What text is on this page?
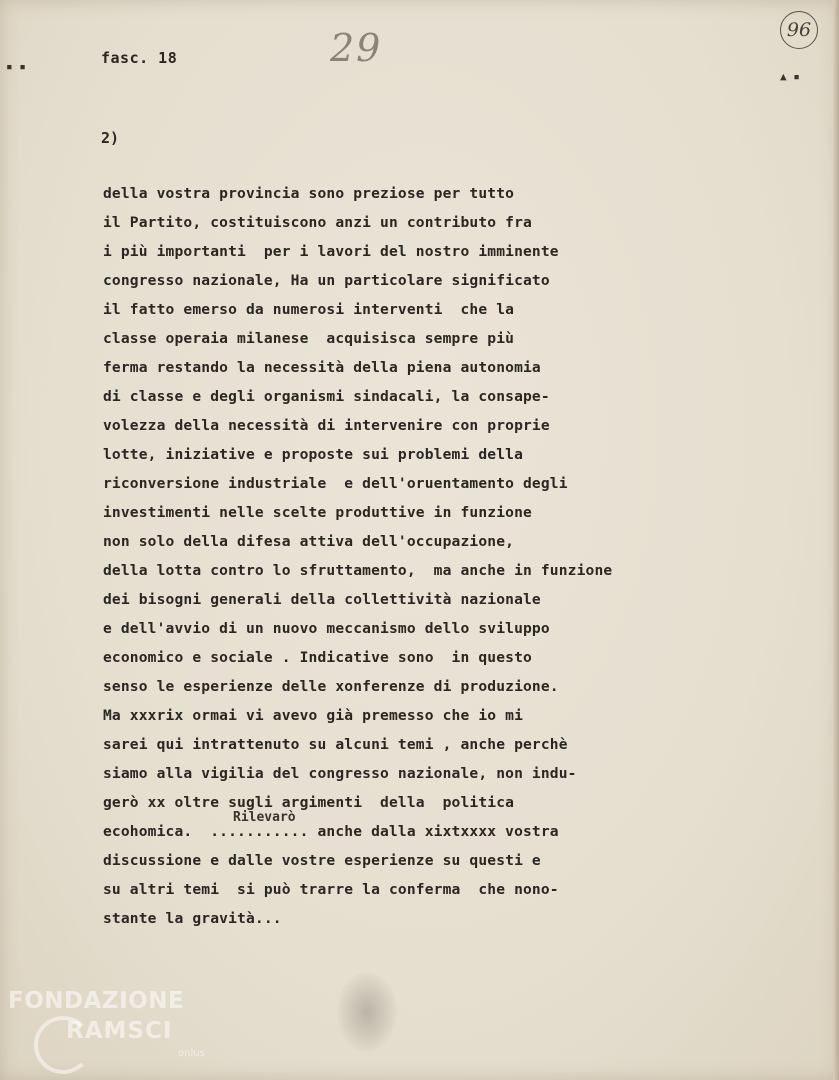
▪ ▪
▲ ▪
fasc. 18	29	96
2)
della vostra provincia sono preziose per tutto
il Partito, costituiscono anzi un contributo fra
i più importanti  per i lavori del nostro imminente
congresso nazionale, Ha un particolare significato
il fatto emerso da numerosi interventi  che la
classe operaia milanese  acquisisca sempre più
ferma restando la necessità della piena autonomia
di classe e degli organismi sindacali, la consape-
volezza della necessità di intervenire con proprie
lotte, iniziative e proposte sui problemi della
riconversione industriale  e dell'oruentamento degli
investimenti nelle scelte produttive in funzione
non solo della difesa attiva dell'occupazione,
della lotta contro lo sfruttamento,  ma anche in funzione
dei bisogni generali della collettività nazionale
e dell'avvio di un nuovo meccanismo dello sviluppo
economico e sociale . Indicative sono  in questo
senso le esperienze delle xonferenze di produzione.
Ma xxxrix ormai vi avevo già premesso che io mi
sarei qui intrattenuto su alcuni temi , anche perchè
siamo alla vigilia del congresso nazionale, non indu-
gerò xx oltre sugli argimenti  della  politica
ecohomica.  ........... anche dalla xixtxxxx vostra
discussione e dalle vostre esperienze su questi e
su altri temi  si può trarre la conferma  che nono-
stante la gravità...
Rilevarò
FONDAZIONE
RAMSCI
onlus
